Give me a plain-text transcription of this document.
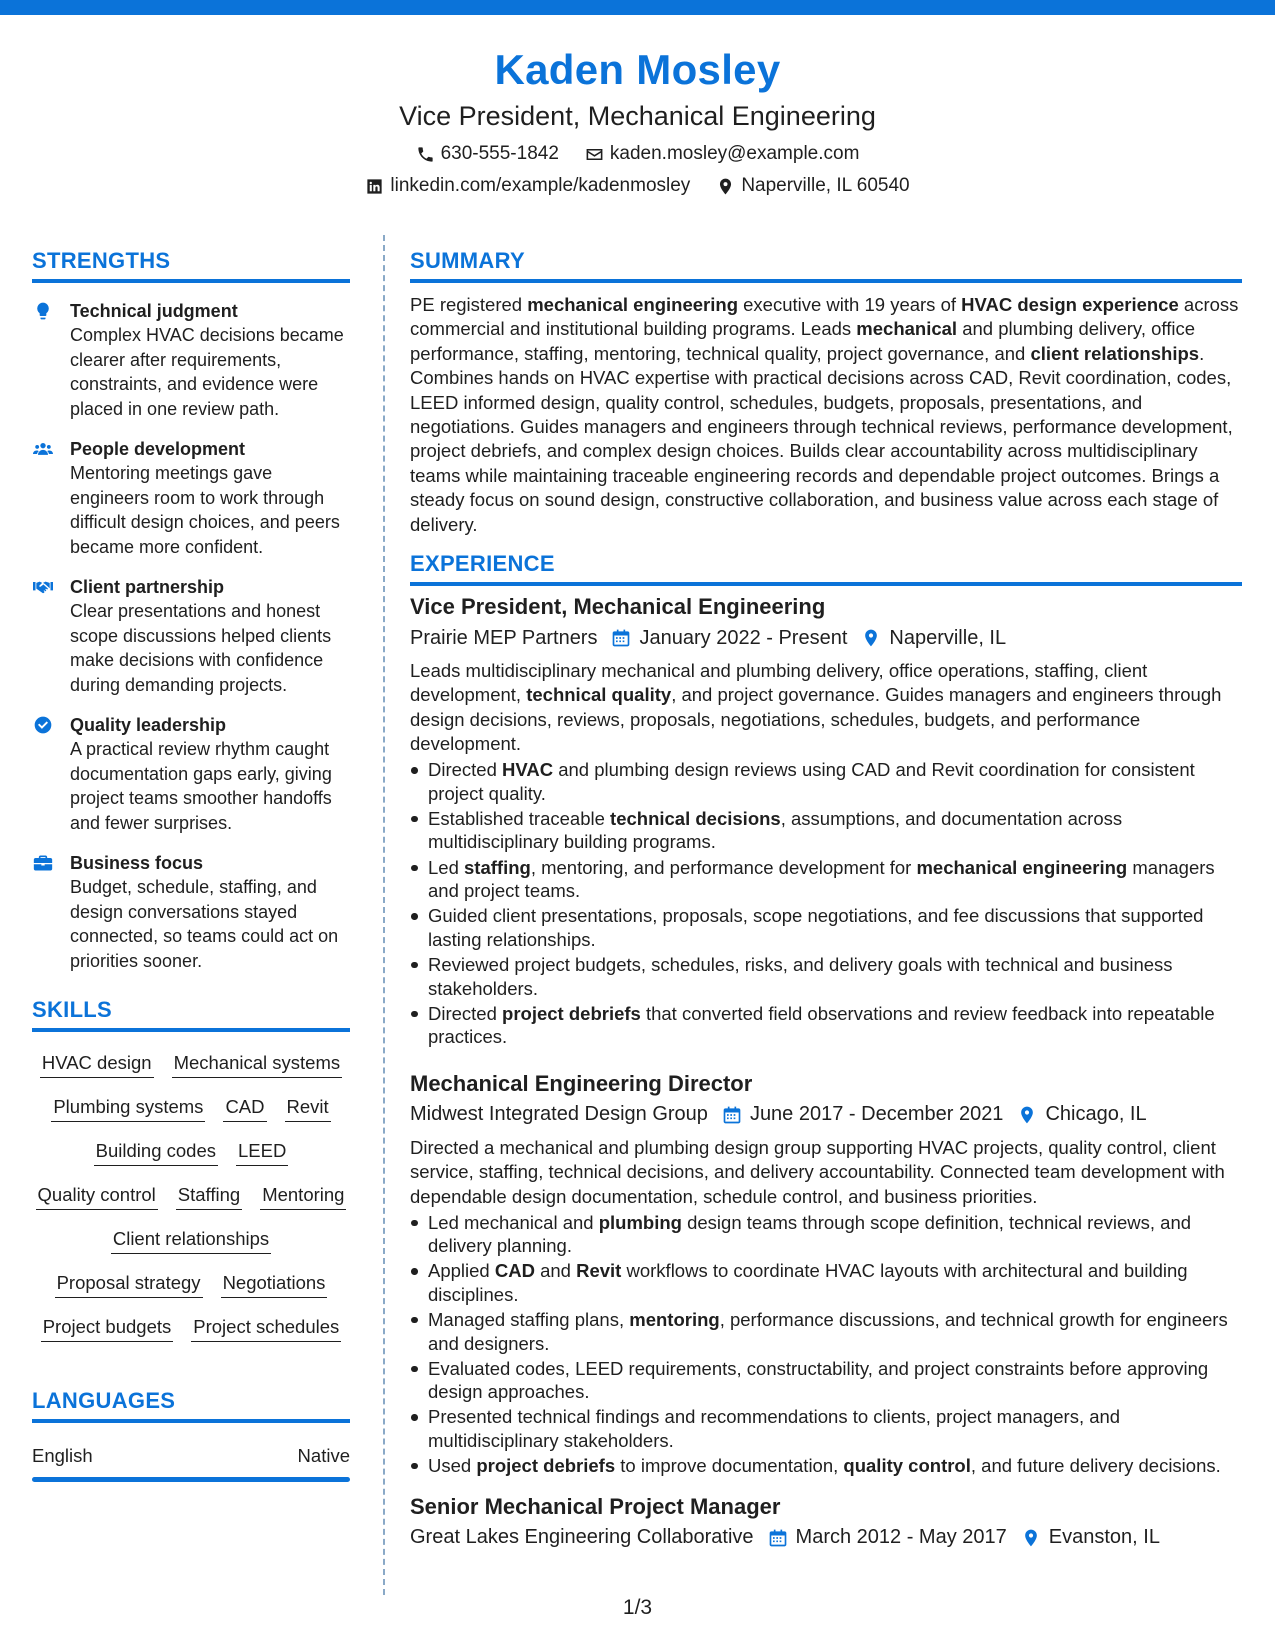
Kaden Mosley

Vice President, Mechanical Engineering

630-555-1842	kaden.mosley@example.com
linkedin.com/example/kadenmosley	Naperville, IL 60540
STRENGTHS

Technical judgment

Complex HVAC decisions became clearer after requirements, constraints, and evidence were placed in one review path.

People development

Mentoring meetings gave engineers room to work through difficult design choices, and peers became more confident.

Client partnership

Clear presentations and honest scope discussions helped clients make decisions with confidence during demanding projects.

Quality leadership

A practical review rhythm caught documentation gaps early, giving project teams smoother handoffs and fewer surprises.

Business focus

Budget, schedule, staffing, and design conversations stayed connected, so teams could act on priorities sooner.

SKILLS
HVAC design Mechanical systems
Plumbing systems CAD Revit
Building codes LEED
Quality control Staffing Mentoring
Client relationships
Proposal strategy Negotiations
Project budgets Project schedules
LANGUAGES
English	Native
SUMMARY

PE registered mechanical engineering executive with 19 years of HVAC design experience across commercial and institutional building programs. Leads mechanical and plumbing delivery, office performance, staffing, mentoring, technical quality, project governance, and client relationships. Combines hands on HVAC expertise with practical decisions across CAD, Revit coordination, codes, LEED informed design, quality control, schedules, budgets, proposals, presentations, and negotiations. Guides managers and engineers through technical reviews, performance development, project debriefs, and complex design choices. Builds clear accountability across multidisciplinary teams while maintaining traceable engineering records and dependable project outcomes. Brings a steady focus on sound design, constructive collaboration, and business value across each stage of delivery.

EXPERIENCE
Vice President, Mechanical Engineering
Prairie MEP Partners January 2022 - Present Naperville, IL

Leads multidisciplinary mechanical and plumbing delivery, office operations, staffing, client development, technical quality, and project governance. Guides managers and engineers through design decisions, reviews, proposals, negotiations, schedules, budgets, and performance development.

Directed HVAC and plumbing design reviews using CAD and Revit coordination for consistent project quality.
Established traceable technical decisions, assumptions, and documentation across multidisciplinary building programs.
Led staffing, mentoring, and performance development for mechanical engineering managers and project teams.
Guided client presentations, proposals, scope negotiations, and fee discussions that supported lasting relationships.
Reviewed project budgets, schedules, risks, and delivery goals with technical and business stakeholders.
Directed project debriefs that converted field observations and review feedback into repeatable practices.
Mechanical Engineering Director
Midwest Integrated Design Group June 2017 - December 2021 Chicago, IL

Directed a mechanical and plumbing design group supporting HVAC projects, quality control, client service, staffing, technical decisions, and delivery accountability. Connected team development with dependable design documentation, schedule control, and business priorities.

Led mechanical and plumbing design teams through scope definition, technical reviews, and delivery planning.
Applied CAD and Revit workflows to coordinate HVAC layouts with architectural and building disciplines.
Managed staffing plans, mentoring, performance discussions, and technical growth for engineers and designers.
Evaluated codes, LEED requirements, constructability, and project constraints before approving design approaches.
Presented technical findings and recommendations to clients, project managers, and multidisciplinary stakeholders.
Used project debriefs to improve documentation, quality control, and future delivery decisions.
Senior Mechanical Project Manager
Great Lakes Engineering Collaborative March 2012 - May 2017 Evanston, IL
1/3
